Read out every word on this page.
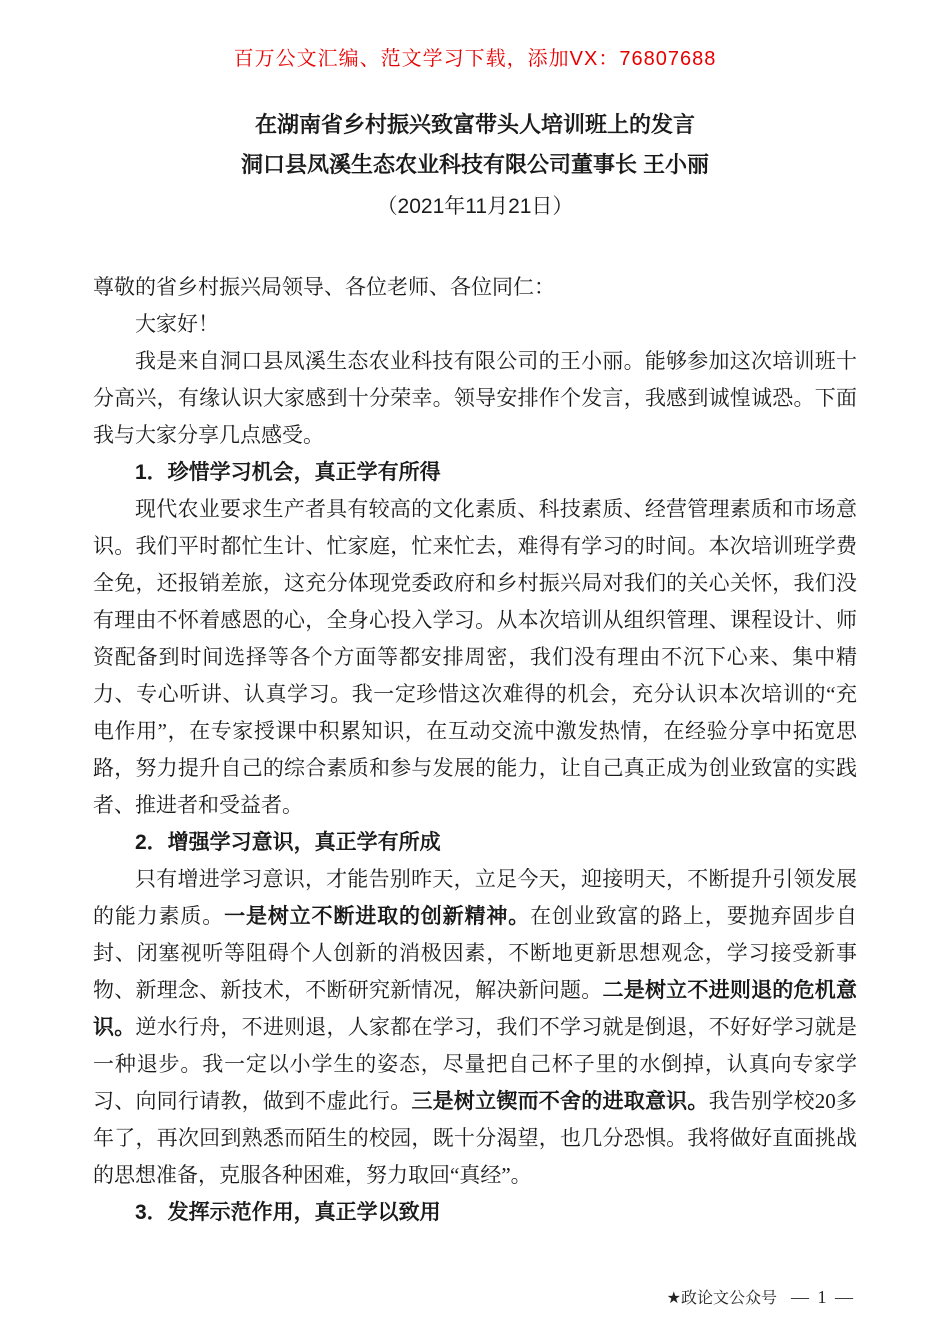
百万公文汇编、范文学习下载，添加VX：76807688
在湖南省乡村振兴致富带头人培训班上的发言
洞口县凤溪生态农业科技有限公司董事长 王小丽
（2021年11月21日）

尊敬的省乡村振兴局领导、各位老师、各位同仁：

大家好！

我是来自洞口县凤溪生态农业科技有限公司的王小丽。能够参加这次培训班十分高兴，有缘认识大家感到十分荣幸。领导安排作个发言，我感到诚惶诚恐。下面我与大家分享几点感受。

1．珍惜学习机会，真正学有所得

现代农业要求生产者具有较高的文化素质、科技素质、经营管理素质和市场意识。我们平时都忙生计、忙家庭，忙来忙去，难得有学习的时间。本次培训班学费全免，还报销差旅，这充分体现党委政府和乡村振兴局对我们的关心关怀，我们没有理由不怀着感恩的心，全身心投入学习。从本次培训从组织管理、课程设计、师资配备到时间选择等各个方面等都安排周密，我们没有理由不沉下心来、集中精力、专心听讲、认真学习。我一定珍惜这次难得的机会，充分认识本次培训的“充电作用”，在专家授课中积累知识，在互动交流中激发热情，在经验分享中拓宽思路，努力提升自己的综合素质和参与发展的能力，让自己真正成为创业致富的实践者、推进者和受益者。

2．增强学习意识，真正学有所成

只有增进学习意识，才能告别昨天，立足今天，迎接明天，不断提升引领发展的能力素质。一是树立不断进取的创新精神。在创业致富的路上，要抛弃固步自封、闭塞视听等阻碍个人创新的消极因素，不断地更新思想观念，学习接受新事物、新理念、新技术，不断研究新情况，解决新问题。二是树立不进则退的危机意识。逆水行舟，不进则退，人家都在学习，我们不学习就是倒退，不好好学习就是一种退步。我一定以小学生的姿态，尽量把自己杯子里的水倒掉，认真向专家学习、向同行请教，做到不虚此行。三是树立锲而不舍的进取意识。我告别学校20多年了，再次回到熟悉而陌生的校园，既十分渴望，也几分恐惧。我将做好直面挑战的思想准备，克服各种困难，努力取回“真经”。

3．发挥示范作用，真正学以致用

★政论文公众号 — 1 —
